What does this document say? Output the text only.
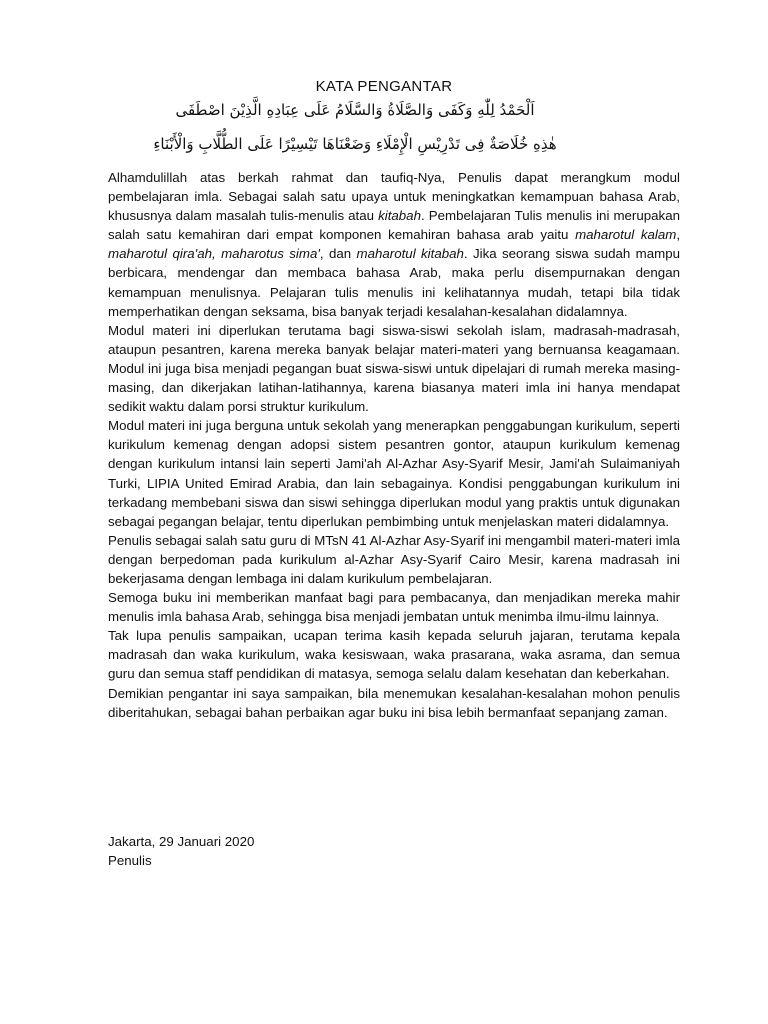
KATA PENGANTAR
اَلْحَمْدُ لِلّٰهِ وَكَفَى وَالصَّلَاةُ وَالسَّلَامُ عَلَى عِبَادِهِ الَّذِيْنَ اصْطَفَى
هٰذِهِ خُلَاصَةٌ فِى تَدْرِيْسِ الْإِمْلَاءِ وَضَعْنَاهَا تَيْسِيْرًا عَلَى الطُّلَّابِ وَالْأَبْنَاءِ

Alhamdulillah atas berkah rahmat dan taufiq-Nya, Penulis dapat merangkum modul pembelajaran imla. Sebagai salah satu upaya untuk meningkatkan kemampuan bahasa Arab, khususnya dalam masalah tulis-menulis atau kitabah. Pembelajaran Tulis menulis ini merupakan salah satu kemahiran dari empat komponen kemahiran bahasa arab yaitu maharotul kalam, maharotul qira'ah, maharotus sima', dan maharotul kitabah. Jika seorang siswa sudah mampu berbicara, mendengar dan membaca bahasa Arab, maka perlu disempurnakan dengan kemampuan menulisnya. Pelajaran tulis menulis ini kelihatannya mudah, tetapi bila tidak memperhatikan dengan seksama, bisa banyak terjadi kesalahan-kesalahan didalamnya.

Modul materi ini diperlukan terutama bagi siswa-siswi sekolah islam, madrasah-madrasah, ataupun pesantren, karena mereka banyak belajar materi-materi yang bernuansa keagamaan. Modul ini juga bisa menjadi pegangan buat siswa-siswi untuk dipelajari di rumah mereka masing-masing, dan dikerjakan latihan-latihannya, karena biasanya materi imla ini hanya mendapat sedikit waktu dalam porsi struktur kurikulum.

Modul materi ini juga berguna untuk sekolah yang menerapkan penggabungan kurikulum, seperti kurikulum kemenag dengan adopsi sistem pesantren gontor, ataupun kurikulum kemenag dengan kurikulum intansi lain seperti Jami'ah Al-Azhar Asy-Syarif Mesir, Jami'ah Sulaimaniyah Turki, LIPIA United Emirad Arabia, dan lain sebagainya. Kondisi penggabungan kurikulum ini terkadang membebani siswa dan siswi sehingga diperlukan modul yang praktis untuk digunakan sebagai pegangan belajar, tentu diperlukan pembimbing untuk menjelaskan materi didalamnya.

Penulis sebagai salah satu guru di MTsN 41 Al-Azhar Asy-Syarif ini mengambil materi-materi imla dengan berpedoman pada kurikulum al-Azhar Asy-Syarif Cairo Mesir, karena madrasah ini bekerjasama dengan lembaga ini dalam kurikulum pembelajaran.

Semoga buku ini memberikan manfaat bagi para pembacanya, dan menjadikan mereka mahir menulis imla bahasa Arab, sehingga bisa menjadi jembatan untuk menimba ilmu-ilmu lainnya.

Tak lupa penulis sampaikan, ucapan terima kasih kepada seluruh jajaran, terutama kepala madrasah dan waka kurikulum, waka kesiswaan, waka prasarana, waka asrama, dan semua guru dan semua staff pendidikan di matasya, semoga selalu dalam kesehatan dan keberkahan.

Demikian pengantar ini saya sampaikan, bila menemukan kesalahan-kesalahan mohon penulis diberitahukan, sebagai bahan perbaikan agar buku ini bisa lebih bermanfaat sepanjang zaman.

Jakarta, 29 Januari 2020
Penulis
